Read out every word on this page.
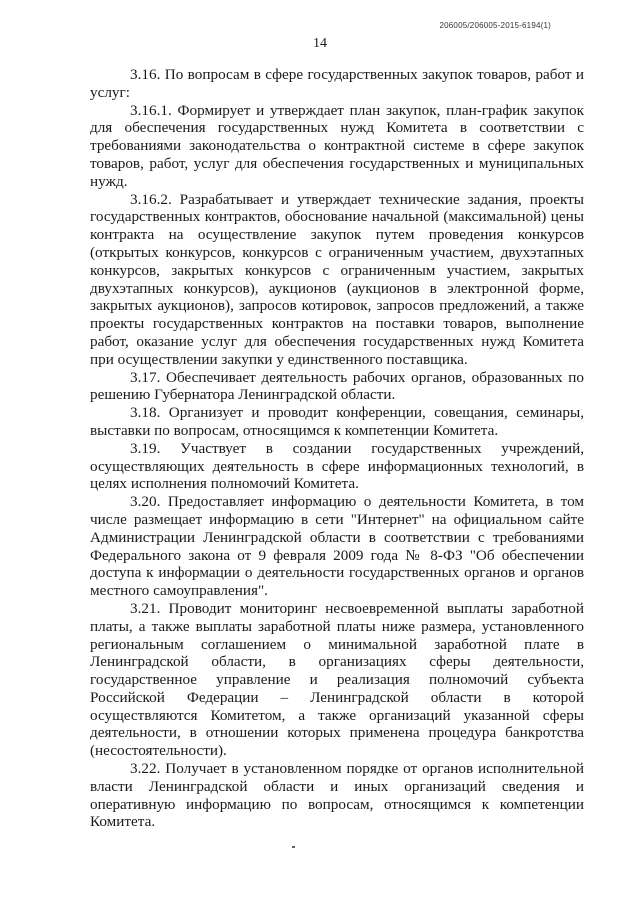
206005/206005-2015-6194(1)
14

3.16. По вопросам в сфере государственных закупок товаров, работ и услуг:

3.16.1. Формирует и утверждает план закупок, план-график закупок для обеспечения государственных нужд Комитета в соответствии с требованиями законодательства о контрактной системе в сфере закупок товаров, работ, услуг для обеспечения государственных и муниципальных нужд.

3.16.2. Разрабатывает и утверждает технические задания, проекты государственных контрактов, обоснование начальной (максимальной) цены контракта на осуществление закупок путем проведения конкурсов (открытых конкурсов, конкурсов с ограниченным участием, двухэтапных конкурсов, закрытых конкурсов с ограниченным участием, закрытых двухэтапных конкурсов), аукционов (аукционов в электронной форме, закрытых аукционов), запросов котировок, запросов предложений, а также проекты государственных контрактов на поставки товаров, выполнение работ, оказание услуг для обеспечения государственных нужд Комитета при осуществлении закупки у единственного поставщика.

3.17. Обеспечивает деятельность рабочих органов, образованных по решению Губернатора Ленинградской области.

3.18. Организует и проводит конференции, совещания, семинары, выставки по вопросам, относящимся к компетенции Комитета.

3.19. Участвует в создании государственных учреждений, осуществляющих деятельность в сфере информационных технологий, в целях исполнения полномочий Комитета.

3.20. Предоставляет информацию о деятельности Комитета, в том числе размещает информацию в сети "Интернет" на официальном сайте Администрации Ленинградской области в соответствии с требованиями Федерального закона от 9 февраля 2009 года № 8-ФЗ "Об обеспечении доступа к информации о деятельности государственных органов и органов местного самоуправления".

3.21. Проводит мониторинг несвоевременной выплаты заработной платы, а также выплаты заработной платы ниже размера, установленного региональным соглашением о минимальной заработной плате в Ленинградской области, в организациях сферы деятельности, государственное управление и реализация полномочий субъекта Российской Федерации – Ленинградской области в которой осуществляются Комитетом, а также организаций указанной сферы деятельности, в отношении которых применена процедура банкротства (несостоятельности).

3.22. Получает в установленном порядке от органов исполнительной власти Ленинградской области и иных организаций сведения и оперативную информацию по вопросам, относящимся к компетенции Комитета.
